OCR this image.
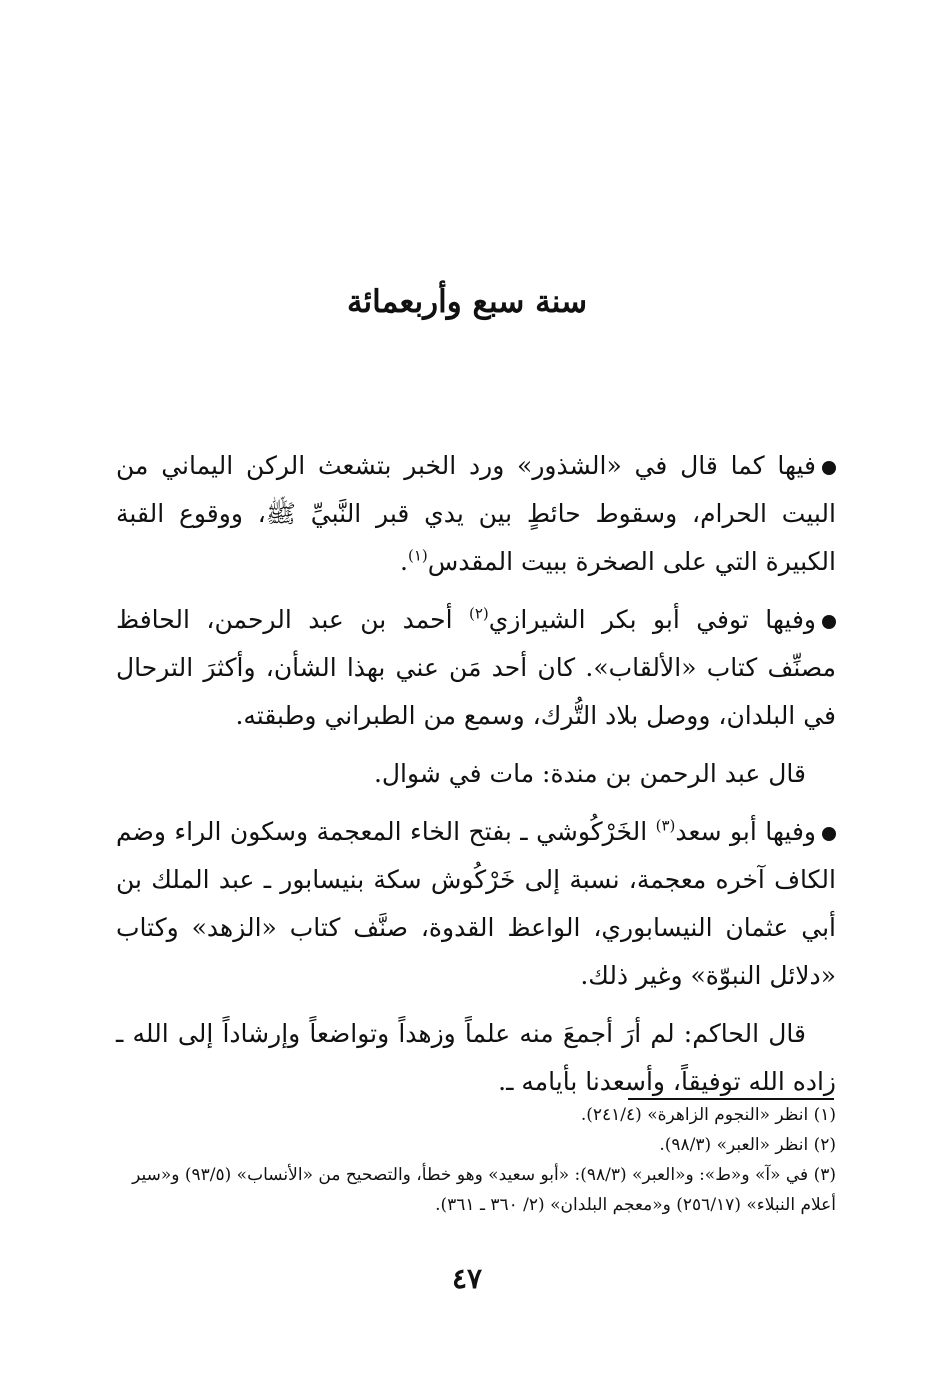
سنة سبع وأربعمائة

فيها كما قال في «الشذور» ورد الخبر بتشعث الركن اليماني من البيت الحرام، وسقوط حائطٍ بين يدي قبر النَّبيِّ ﷺ، ووقوع القبة الكبيرة التي على الصخرة ببيت المقدس$^{(١)}$.

وفيها توفي أبو بكر الشيرازي$^{(٢)}$ أحمد بن عبد الرحمن، الحافظ مصنِّف كتاب «الألقاب». كان أحد مَن عني بهذا الشأن، وأكثرَ الترحال في البلدان، ووصل بلاد التُّرك، وسمع من الطبراني وطبقته.

قال عبد الرحمن بن مندة: مات في شوال.

وفيها أبو سعد$^{(٣)}$ الخَرْكُوشي ـ بفتح الخاء المعجمة وسكون الراء وضم الكاف آخره معجمة، نسبة إلى خَرْكُوش سكة بنيسابور ـ عبد الملك بن أبي عثمان النيسابوري، الواعظ القدوة، صنَّف كتاب «الزهد» وكتاب «دلائل النبوّة» وغير ذلك.

قال الحاكم: لم أرَ أجمعَ منه علماً وزهداً وتواضعاً وإرشاداً إلى الله ـ زاده الله توفيقاً، وأسعدنا بأيامه ـ.

(١) انظر «النجوم الزاهرة» (٢٤١/٤).

(٢) انظر «العبر» (٩٨/٣).

(٣) في «آ» و«ط»: و«العبر» (٩٨/٣): «أبو سعيد» وهو خطأ، والتصحيح من «الأنساب» (٩٣/٥) و«سير أعلام النبلاء» (٢٥٦/١٧) و«معجم البلدان» (٢/ ٣٦٠ ـ ٣٦١).

٤٧
